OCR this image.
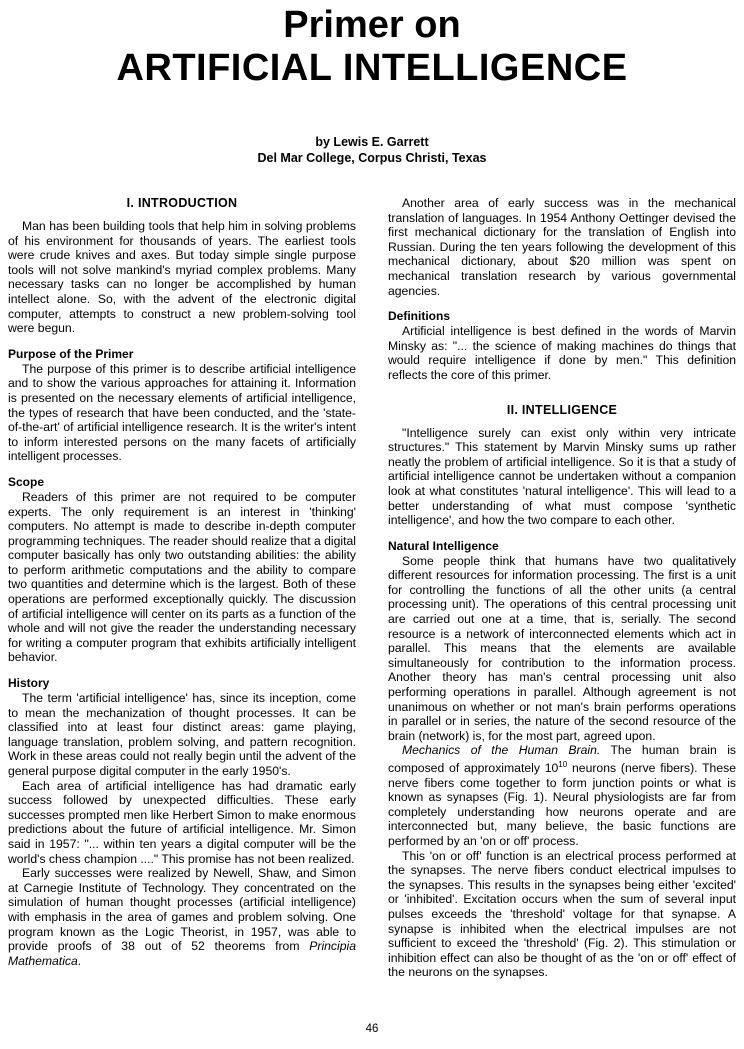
Primer on
ARTIFICIAL INTELLIGENCE
by Lewis E. Garrett
Del Mar College, Corpus Christi, Texas
I. INTRODUCTION

Man has been building tools that help him in solving problems of his environment for thousands of years. The earliest tools were crude knives and axes. But today simple single purpose tools will not solve mankind's myriad complex problems. Many necessary tasks can no longer be accomplished by human intellect alone. So, with the advent of the electronic digital computer, attempts to construct a new problem-solving tool were begun.

Purpose of the Primer

The purpose of this primer is to describe artificial intelligence and to show the various approaches for attaining it. Information is presented on the necessary elements of artificial intelligence, the types of research that have been conducted, and the 'state-of-the-art' of artificial intelligence research. It is the writer's intent to inform interested persons on the many facets of artificially intelligent processes.

Scope

Readers of this primer are not required to be computer experts. The only requirement is an interest in 'thinking' computers. No attempt is made to describe in-depth computer programming techniques. The reader should realize that a digital computer basically has only two outstanding abilities: the ability to perform arithmetic computations and the ability to compare two quantities and determine which is the largest. Both of these operations are performed exceptionally quickly. The discussion of artificial intelligence will center on its parts as a function of the whole and will not give the reader the understanding necessary for writing a computer program that exhibits artificially intelligent behavior.

History

The term 'artificial intelligence' has, since its inception, come to mean the mechanization of thought processes. It can be classified into at least four distinct areas: game playing, language translation, problem solving, and pattern recognition. Work in these areas could not really begin until the advent of the general purpose digital computer in the early 1950's.

Each area of artificial intelligence has had dramatic early success followed by unexpected difficulties. These early successes prompted men like Herbert Simon to make enormous predictions about the future of artificial intelligence. Mr. Simon said in 1957: "... within ten years a digital computer will be the world's chess champion ...." This promise has not been realized.

Early successes were realized by Newell, Shaw, and Simon at Carnegie Institute of Technology. They concentrated on the simulation of human thought processes (artificial intelligence) with emphasis in the area of games and problem solving. One program known as the Logic Theorist, in 1957, was able to provide proofs of 38 out of 52 theorems from Principia Mathematica.

Another area of early success was in the mechanical translation of languages. In 1954 Anthony Oettinger devised the first mechanical dictionary for the translation of English into Russian. During the ten years following the development of this mechanical dictionary, about $20 million was spent on mechanical translation research by various governmental agencies.

Definitions

Artificial intelligence is best defined in the words of Marvin Minsky as: "... the science of making machines do things that would require intelligence if done by men." This definition reflects the core of this primer.

II. INTELLIGENCE

"Intelligence surely can exist only within very intricate structures." This statement by Marvin Minsky sums up rather neatly the problem of artificial intelligence. So it is that a study of artificial intelligence cannot be undertaken without a companion look at what constitutes 'natural intelligence'. This will lead to a better understanding of what must compose 'synthetic intelligence', and how the two compare to each other.

Natural Intelligence

Some people think that humans have two qualitatively different resources for information processing. The first is a unit for controlling the functions of all the other units (a central processing unit). The operations of this central processing unit are carried out one at a time, that is, serially. The second resource is a network of interconnected elements which act in parallel. This means that the elements are available simultaneously for contribution to the information process. Another theory has man's central processing unit also performing operations in parallel. Although agreement is not unanimous on whether or not man's brain performs operations in parallel or in series, the nature of the second resource of the brain (network) is, for the most part, agreed upon.

Mechanics of the Human Brain. The human brain is composed of approximately $10^{10}$ neurons (nerve fibers). These nerve fibers come together to form junction points or what is known as synapses (Fig. 1). Neural physiologists are far from completely understanding how neurons operate and are interconnected but, many believe, the basic functions are performed by an 'on or off' process.

This 'on or off' function is an electrical process performed at the synapses. The nerve fibers conduct electrical impulses to the synapses. This results in the synapses being either 'excited' or 'inhibited'. Excitation occurs when the sum of several input pulses exceeds the 'threshold' voltage for that synapse. A synapse is inhibited when the electrical impulses are not sufficient to exceed the 'threshold' (Fig. 2). This stimulation or inhibition effect can also be thought of as the 'on or off' effect of the neurons on the synapses.

46
